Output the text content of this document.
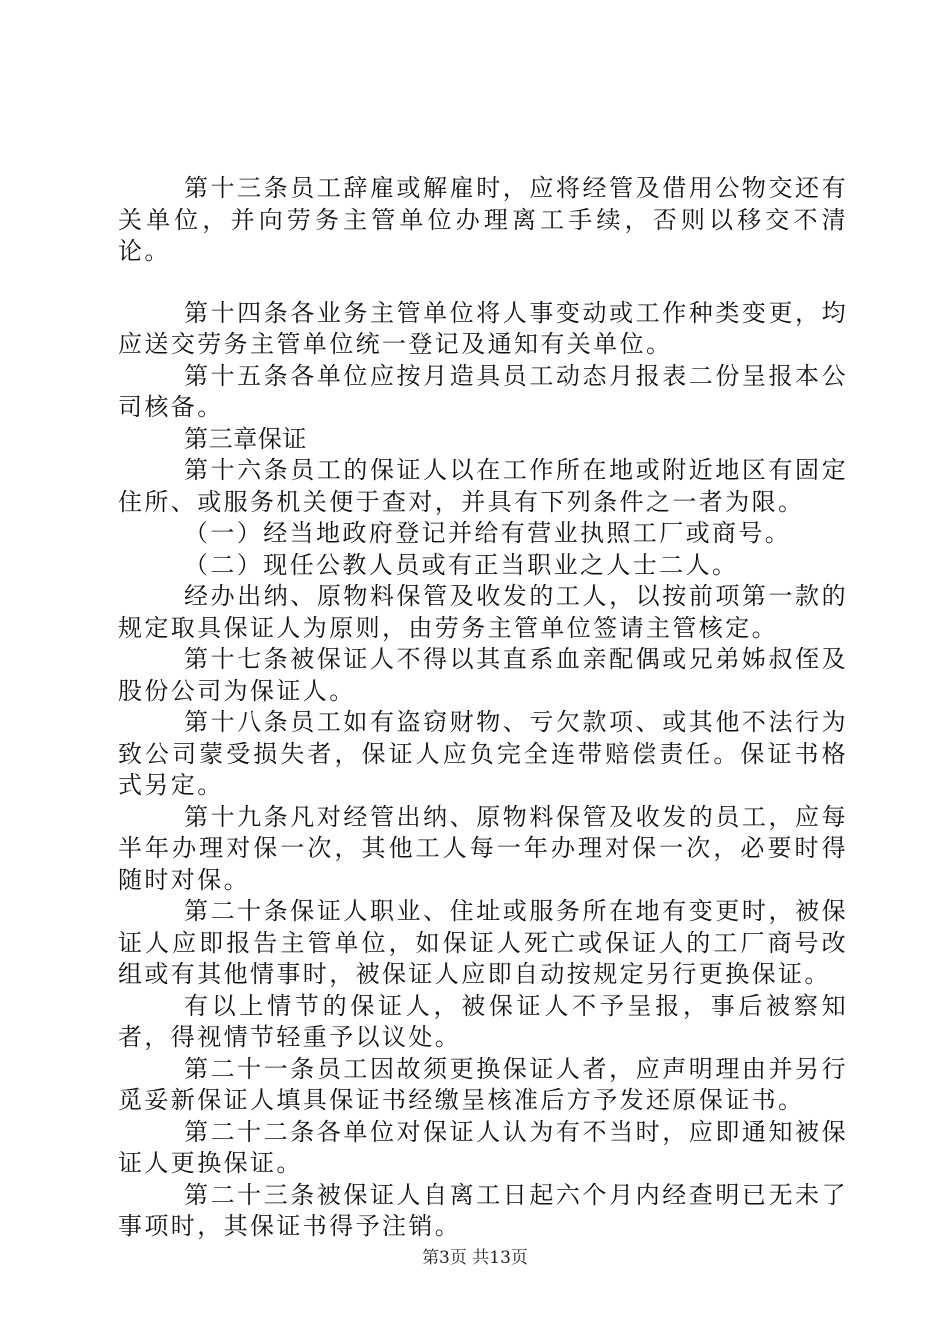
第十三条员工辞雇或解雇时，应将经管及借用公物交还有关单位，并向劳务主管单位办理离工手续，否则以移交不清论。

第十四条各业务主管单位将人事变动或工作种类变更，均应送交劳务主管单位统一登记及通知有关单位。

第十五条各单位应按月造具员工动态月报表二份呈报本公司核备。

第三章保证

第十六条员工的保证人以在工作所在地或附近地区有固定住所、或服务机关便于查对，并具有下列条件之一者为限。

（一）经当地政府登记并给有营业执照工厂或商号。

（二）现任公教人员或有正当职业之人士二人。

经办出纳、原物料保管及收发的工人，以按前项第一款的规定取具保证人为原则，由劳务主管单位签请主管核定。

第十七条被保证人不得以其直系血亲配偶或兄弟姊叔侄及股份公司为保证人。

第十八条员工如有盗窃财物、亏欠款项、或其他不法行为致公司蒙受损失者，保证人应负完全连带赔偿责任。保证书格式另定。

第十九条凡对经管出纳、原物料保管及收发的员工，应每半年办理对保一次，其他工人每一年办理对保一次，必要时得随时对保。

第二十条保证人职业、住址或服务所在地有变更时，被保证人应即报告主管单位，如保证人死亡或保证人的工厂商号改组或有其他情事时，被保证人应即自动按规定另行更换保证。

有以上情节的保证人，被保证人不予呈报，事后被察知者，得视情节轻重予以议处。

第二十一条员工因故须更换保证人者，应声明理由并另行觅妥新保证人填具保证书经缴呈核准后方予发还原保证书。

第二十二条各单位对保证人认为有不当时，应即通知被保证人更换保证。

第二十三条被保证人自离工日起六个月内经查明已无未了事项时，其保证书得予注销。

第3页 共13页
